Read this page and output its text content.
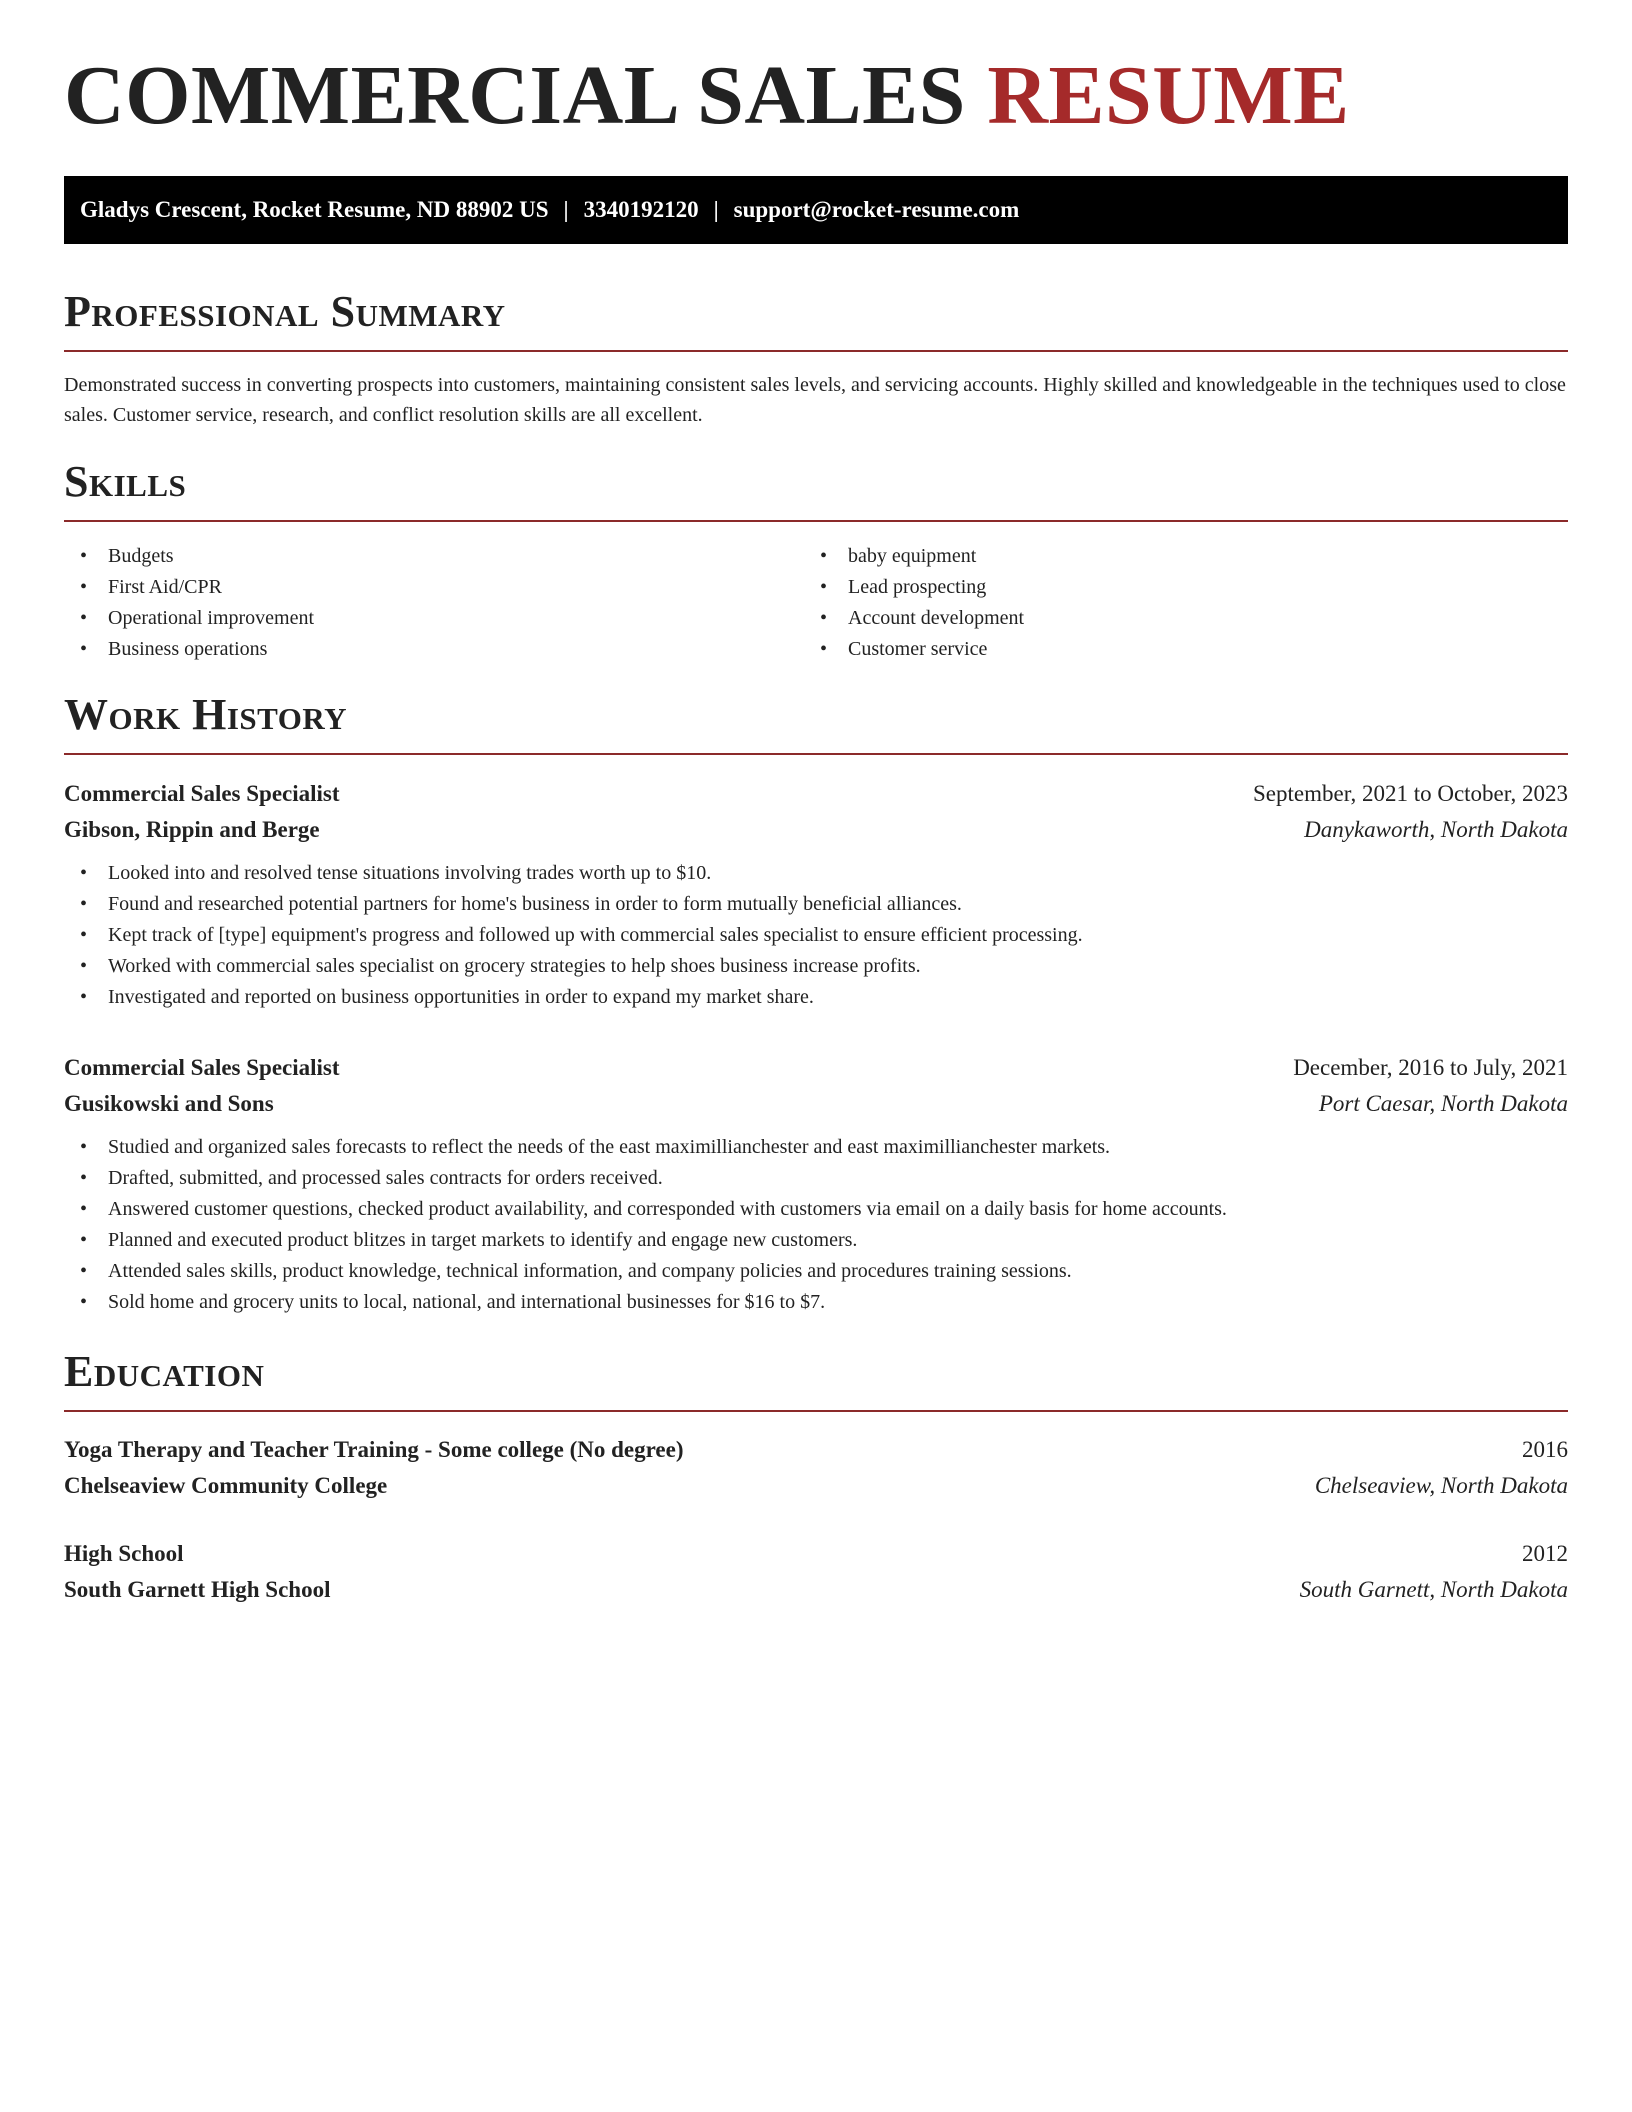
COMMERCIAL SALES RESUME
Gladys Crescent, Rocket Resume, ND 88902 US | 3340192120 | support@rocket-resume.com
Professional Summary

Demonstrated success in converting prospects into customers, maintaining consistent sales levels, and servicing accounts. Highly skilled and knowledgeable in the techniques used to close sales. Customer service, research, and conflict resolution skills are all excellent.

Skills
• Budgets
• First Aid/CPR
• Operational improvement
• Business operations
• baby equipment
• Lead prospecting
• Account development
• Customer service
Work History
Commercial Sales Specialist	September, 2021 to October, 2023
Gibson, Rippin and Berge	Danykaworth, North Dakota
• Looked into and resolved tense situations involving trades worth up to $10.
• Found and researched potential partners for home's business in order to form mutually beneficial alliances.
• Kept track of [type] equipment's progress and followed up with commercial sales specialist to ensure efficient processing.
• Worked with commercial sales specialist on grocery strategies to help shoes business increase profits.
• Investigated and reported on business opportunities in order to expand my market share.
Commercial Sales Specialist	December, 2016 to July, 2021
Gusikowski and Sons	Port Caesar, North Dakota
• Studied and organized sales forecasts to reflect the needs of the east maximillianchester and east maximillianchester markets.
• Drafted, submitted, and processed sales contracts for orders received.
• Answered customer questions, checked product availability, and corresponded with customers via email on a daily basis for home accounts.
• Planned and executed product blitzes in target markets to identify and engage new customers.
• Attended sales skills, product knowledge, technical information, and company policies and procedures training sessions.
• Sold home and grocery units to local, national, and international businesses for $16 to $7.
Education
Yoga Therapy and Teacher Training - Some college (No degree)	2016
Chelseaview Community College	Chelseaview, North Dakota
High School	2012
South Garnett High School	South Garnett, North Dakota
